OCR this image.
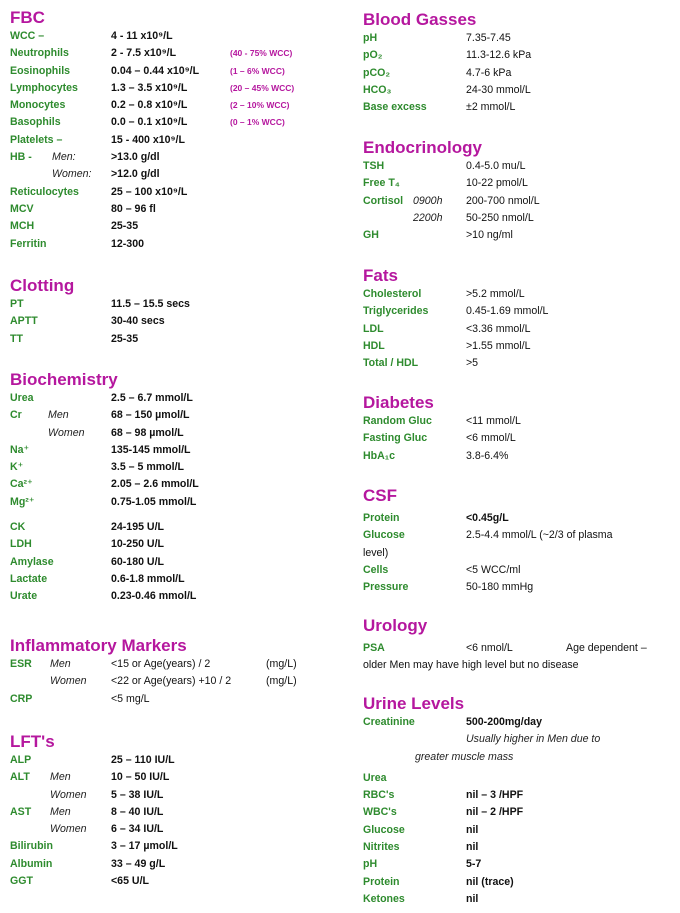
FBC
WCC –	4 - 11 x10⁹/L
Neutrophils	2 - 7.5 x10⁹/L	(40 - 75% WCC)
Eosinophils	0.04 – 0.44 x10⁹/L	(1 – 6% WCC)
Lymphocytes	1.3 – 3.5 x10⁹/L	(20 – 45% WCC)
Monocytes	0.2 – 0.8 x10⁹/L	(2 – 10% WCC)
Basophils	0.0 – 0.1 x10⁹/L	(0 – 1% WCC)
Platelets –	15 - 400 x10⁹/L
HB - Men:	>13.0 g/dl
Women: >12.0 g/dl
Reticulocytes	25 – 100 x10⁹/L
MCV	80 – 96 fl
MCH	25-35
Ferritin	12-300
Clotting
PT	11.5 – 15.5 secs
APTT	30-40 secs
TT	25-35
Biochemistry
Urea	2.5 – 6.7 mmol/L
Cr Men	68 – 150 µmol/L
Women	68 – 98 µmol/L
Na⁺	135-145 mmol/L
K⁺	3.5 – 5 mmol/L
Ca²⁺	2.05 – 2.6 mmol/L
Mg²⁺	0.75-1.05 mmol/L
CK	24-195 U/L
LDH	10-250 U/L
Amylase	60-180 U/L
Lactate	0.6-1.8 mmol/L
Urate	0.23-0.46 mmol/L
Inflammatory Markers
ESR Men	<15 or Age(years) / 2	(mg/L)
Women <22 or Age(years) +10 / 2	(mg/L)
CRP	<5 mg/L
LFT's
ALP	25 – 110 IU/L
ALT Men	10 – 50 IU/L
Women 5 – 38 IU/L
AST Men	8 – 40 IU/L
Women 6 – 34 IU/L
Bilirubin	3 – 17 µmol/L
Albumin	33 – 49 g/L
GGT	<65 U/L
Blood Gasses
pH	7.35-7.45
pO₂	11.3-12.6 kPa
pCO₂	4.7-6 kPa
HCO₃	24-30 mmol/L
Base excess	±2 mmol/L
Endocrinology
TSH	0.4-5.0 mu/L
Free T₄	10-22 pmol/L
Cortisol 0900h 200-700 nmol/L
2200h 50-250 nmol/L
GH	>10 ng/ml
Fats
Cholesterol	>5.2 mmol/L
Triglycerides	0.45-1.69 mmol/L
LDL	<3.36 mmol/L
HDL	>1.55 mmol/L
Total / HDL	>5
Diabetes
Random Gluc	<11 mmol/L
Fasting Gluc	<6 mmol/L
HbA₁c	3.8-6.4%
CSF
Protein	<0.45g/L
Glucose	2.5-4.4 mmol/L (~2/3 of plasma
level)
Cells	<5 WCC/ml
Pressure	50-180 mmHg
Urology
PSA	<6 nmol/L	Age dependent –
older Men may have high level but no disease
Urine Levels
Creatinine	500-200mg/day
Usually higher in Men due to
greater muscle mass
Urea
RBC's	nil – 3 /HPF
WBC's	nil – 2 /HPF
Glucose	nil
Nitrites	nil
pH	5-7
Protein	nil (trace)
Ketones	nil
